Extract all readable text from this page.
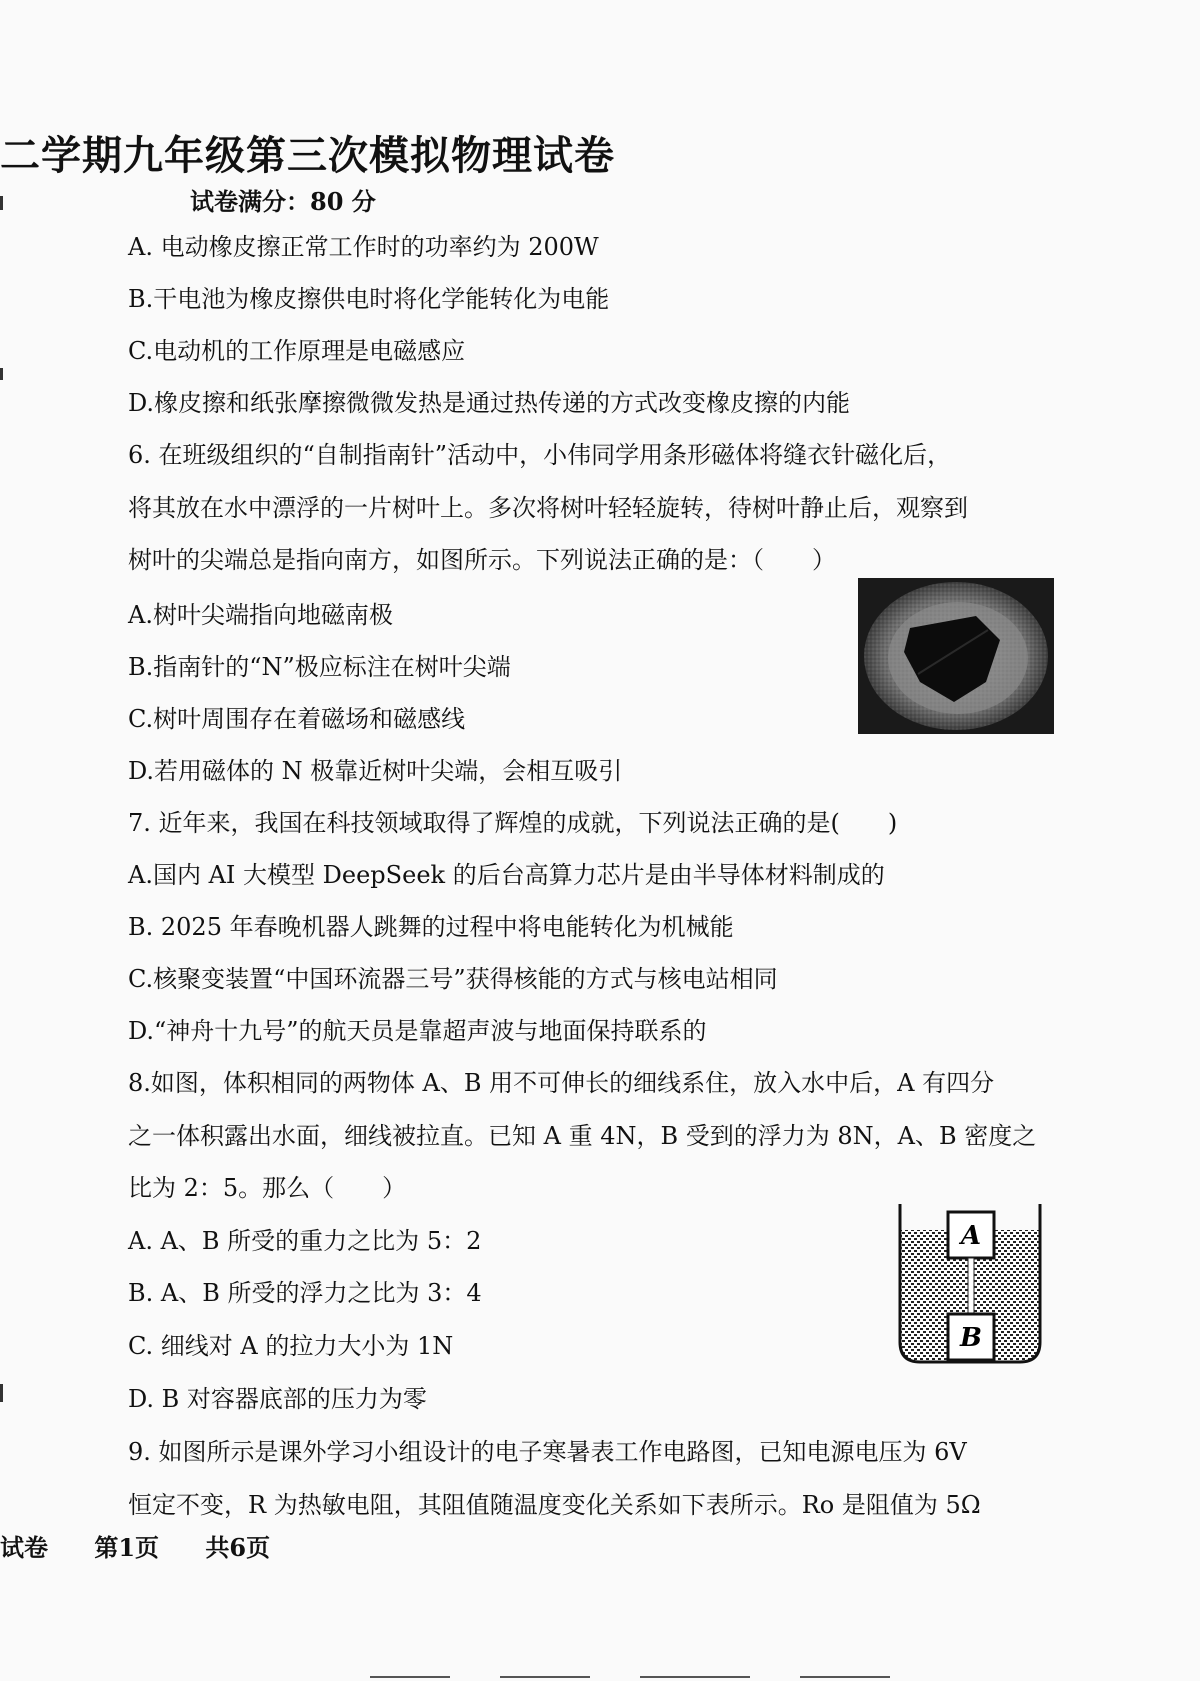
二学期九年级第三次模拟物理试卷
试卷满分：80 分
A. 电动橡皮擦正常工作时的功率约为 200W
B.干电池为橡皮擦供电时将化学能转化为电能
C.电动机的工作原理是电磁感应
D.橡皮擦和纸张摩擦微微发热是通过热传递的方式改变橡皮擦的内能
6. 在班级组织的“自制指南针”活动中，小伟同学用条形磁体将缝衣针磁化后，
将其放在水中漂浮的一片树叶上。多次将树叶轻轻旋转，待树叶静止后，观察到
树叶的尖端总是指向南方，如图所示。下列说法正确的是：（　　）
A.树叶尖端指向地磁南极
B.指南针的“N”极应标注在树叶尖端
C.树叶周围存在着磁场和磁感线
D.若用磁体的 N 极靠近树叶尖端，会相互吸引
7. 近年来，我国在科技领域取得了辉煌的成就，下列说法正确的是(　　)
A.国内 AI 大模型 DeepSeek 的后台高算力芯片是由半导体材料制成的
B. 2025 年春晚机器人跳舞的过程中将电能转化为机械能
C.核聚变装置“中国环流器三号”获得核能的方式与核电站相同
D.“神舟十九号”的航天员是靠超声波与地面保持联系的
8.如图，体积相同的两物体 A、B 用不可伸长的细线系住，放入水中后，A 有四分
之一体积露出水面，细线被拉直。已知 A 重 4N，B 受到的浮力为 8N，A、B 密度之
比为 2：5。那么（　　）
A. A、B 所受的重力之比为 5：2
B. A、B 所受的浮力之比为 3：4
C. 细线对 A 的拉力大小为 1N
D. B 对容器底部的压力为零
A
B
9. 如图所示是课外学习小组设计的电子寒暑表工作电路图，已知电源电压为 6V
恒定不变，R 为热敏电阻，其阻值随温度变化关系如下表所示。Ro 是阻值为 5Ω
试卷 第1页 共6页
